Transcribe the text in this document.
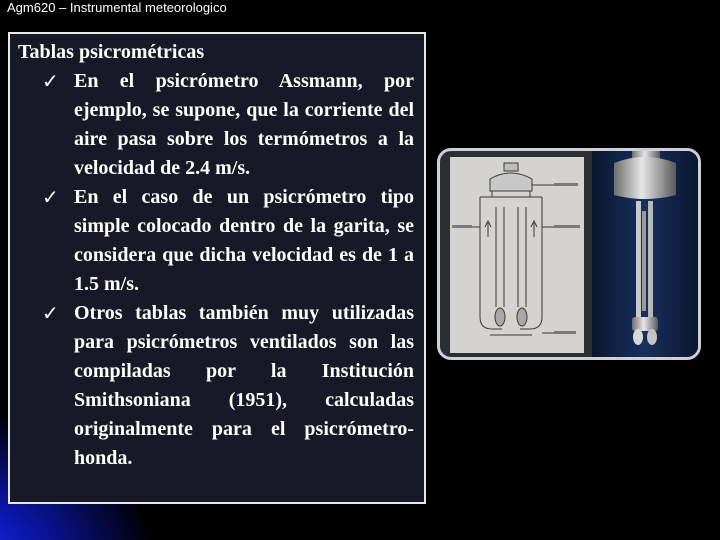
Agm620 – Instrumental meteorologico
Tablas psicrométricas
✓ En el psicrómetro Assmann, por ejemplo, se supone, que la corriente del aire pasa sobre los termómetros a la velocidad de 2.4 m/s.
✓ En el caso de un psicrómetro tipo simple colocado dentro de la garita, se considera que dicha velocidad es de 1 a 1.5 m/s.
✓ Otros tablas también muy utilizadas para psicrómetros ventilados son las compiladas por la Institución Smithsoniana (1951), calculadas originalmente para el psicrómetro-honda.
